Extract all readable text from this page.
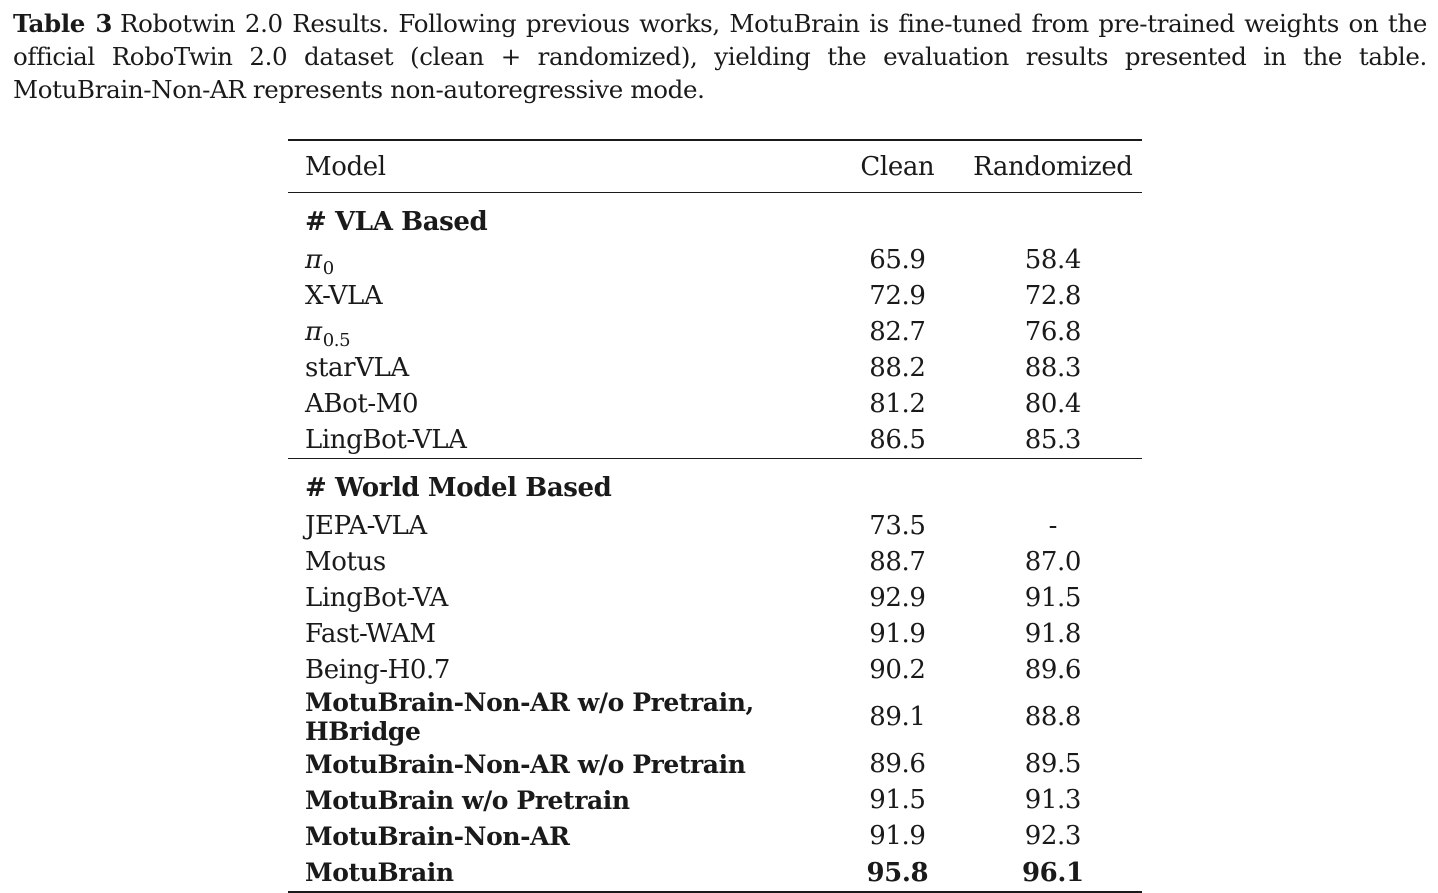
Table 3 Robotwin 2.0 Results. Following previous works, MotuBrain is fine-tuned from pre-trained weights on the official RoboTwin 2.0 dataset (clean + randomized), yielding the evaluation results presented in the table. MotuBrain-Non-AR represents non-autoregressive mode.
Model	Clean	Randomized
# VLA Based		
$\pi_0$	65.9	58.4
X-VLA	72.9	72.8
$\pi_{0.5}$	82.7	76.8
starVLA	88.2	88.3
ABot-M0	81.2	80.4
LingBot-VLA	86.5	85.3

# World Model Based		
JEPA-VLA	73.5	-
Motus	88.7	87.0
LingBot-VA	92.9	91.5
Fast-WAM	91.9	91.8
Being-H0.7	90.2	89.6
MotuBrain-Non-AR w/o Pretrain, HBridge	89.1	88.8
MotuBrain-Non-AR w/o Pretrain	89.6	89.5
MotuBrain w/o Pretrain	91.5	91.3
MotuBrain-Non-AR	91.9	92.3
MotuBrain	95.8	96.1
